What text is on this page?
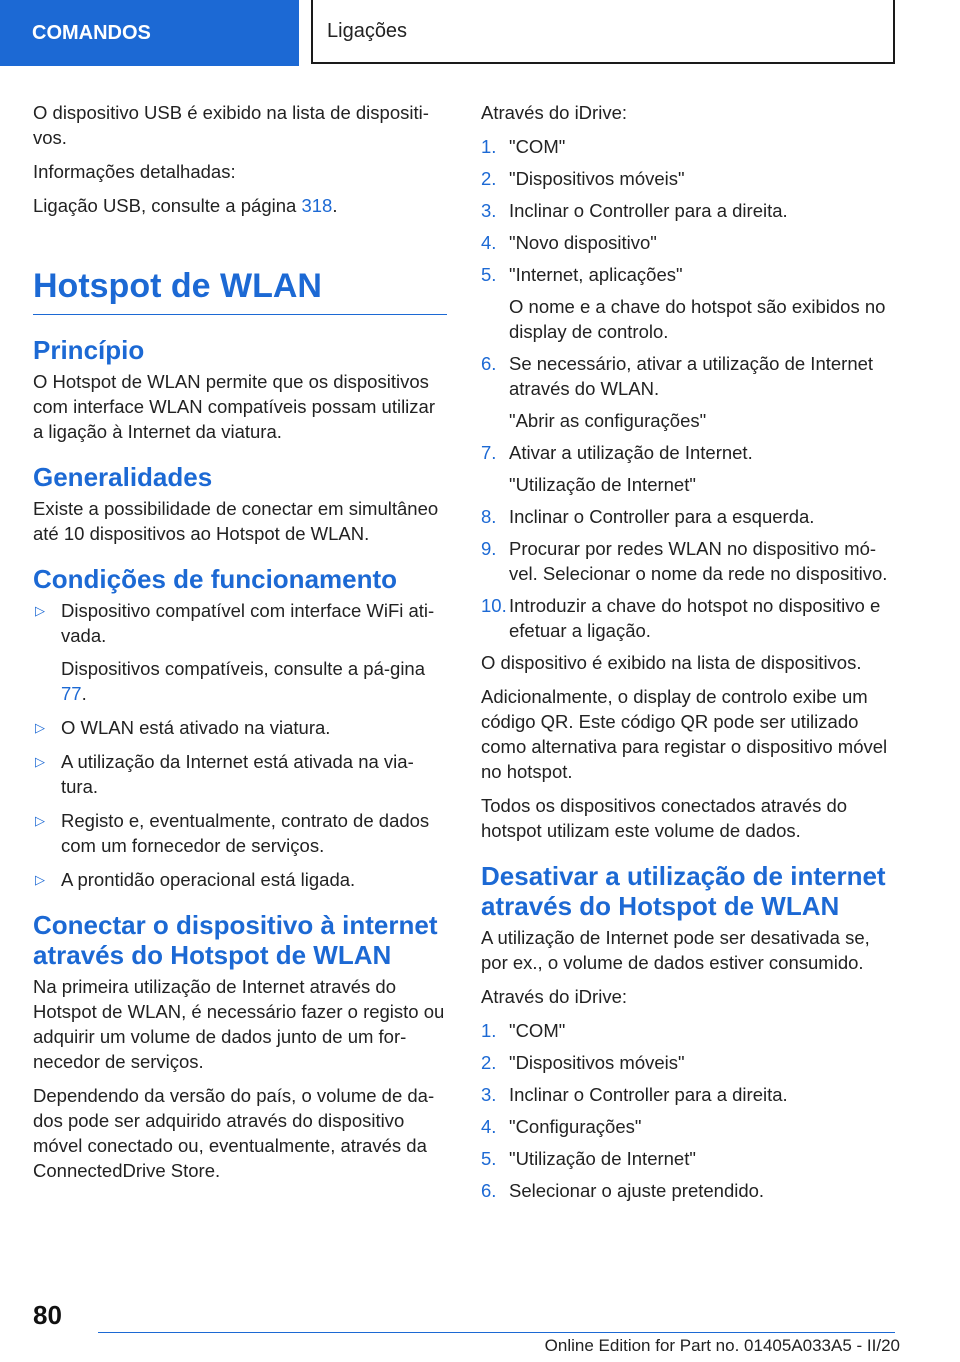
COMANDOS	Ligações

O dispositivo USB é exibido na lista de dispositi-vos.

Informações detalhadas:

Ligação USB, consulte a página 318.

Hotspot de WLAN
Princípio

O Hotspot de WLAN permite que os dispositivos com interface WLAN compatíveis possam utilizar a ligação à Internet da viatura.

Generalidades

Existe a possibilidade de conectar em simultâneo até 10 dispositivos ao Hotspot de WLAN.

Condições de funcionamento
▷ Dispositivo compatível com interface WiFi ati-vada.
Dispositivos compatíveis, consulte a pá-gina 77.
▷ O WLAN está ativado na viatura.
▷ A utilização da Internet está ativada na via-tura.
▷ Registo e, eventualmente, contrato de dados com um fornecedor de serviços.
▷ A prontidão operacional está ligada.
Conectar o dispositivo à internet através do Hotspot de WLAN

Na primeira utilização de Internet através do Hotspot de WLAN, é necessário fazer o registo ou adquirir um volume de dados junto de um for-necedor de serviços.

Dependendo da versão do país, o volume de da-dos pode ser adquirido através do dispositivo móvel conectado ou, eventualmente, através da ConnectedDrive Store.

Através do iDrive:

1. "COM"
2. "Dispositivos móveis"
3. Inclinar o Controller para a direita.
4. "Novo dispositivo"
5. "Internet, aplicações"
O nome e a chave do hotspot são exibidos no display de controlo.
6. Se necessário, ativar a utilização de Internet através do WLAN.
"Abrir as configurações"
7. Ativar a utilização de Internet.
"Utilização de Internet"
8. Inclinar o Controller para a esquerda.
9. Procurar por redes WLAN no dispositivo mó-vel. Selecionar o nome da rede no dispositivo.
10. Introduzir a chave do hotspot no dispositivo e efetuar a ligação.

O dispositivo é exibido na lista de dispositivos.

Adicionalmente, o display de controlo exibe um código QR. Este código QR pode ser utilizado como alternativa para registar o dispositivo móvel no hotspot.

Todos os dispositivos conectados através do hotspot utilizam este volume de dados.

Desativar a utilização de internet através do Hotspot de WLAN

A utilização de Internet pode ser desativada se, por ex., o volume de dados estiver consumido.

Através do iDrive:

1. "COM"
2. "Dispositivos móveis"
3. Inclinar o Controller para a direita.
4. "Configurações"
5. "Utilização de Internet"
6. Selecionar o ajuste pretendido.
80
Online Edition for Part no. 01405A033A5 - II/20
